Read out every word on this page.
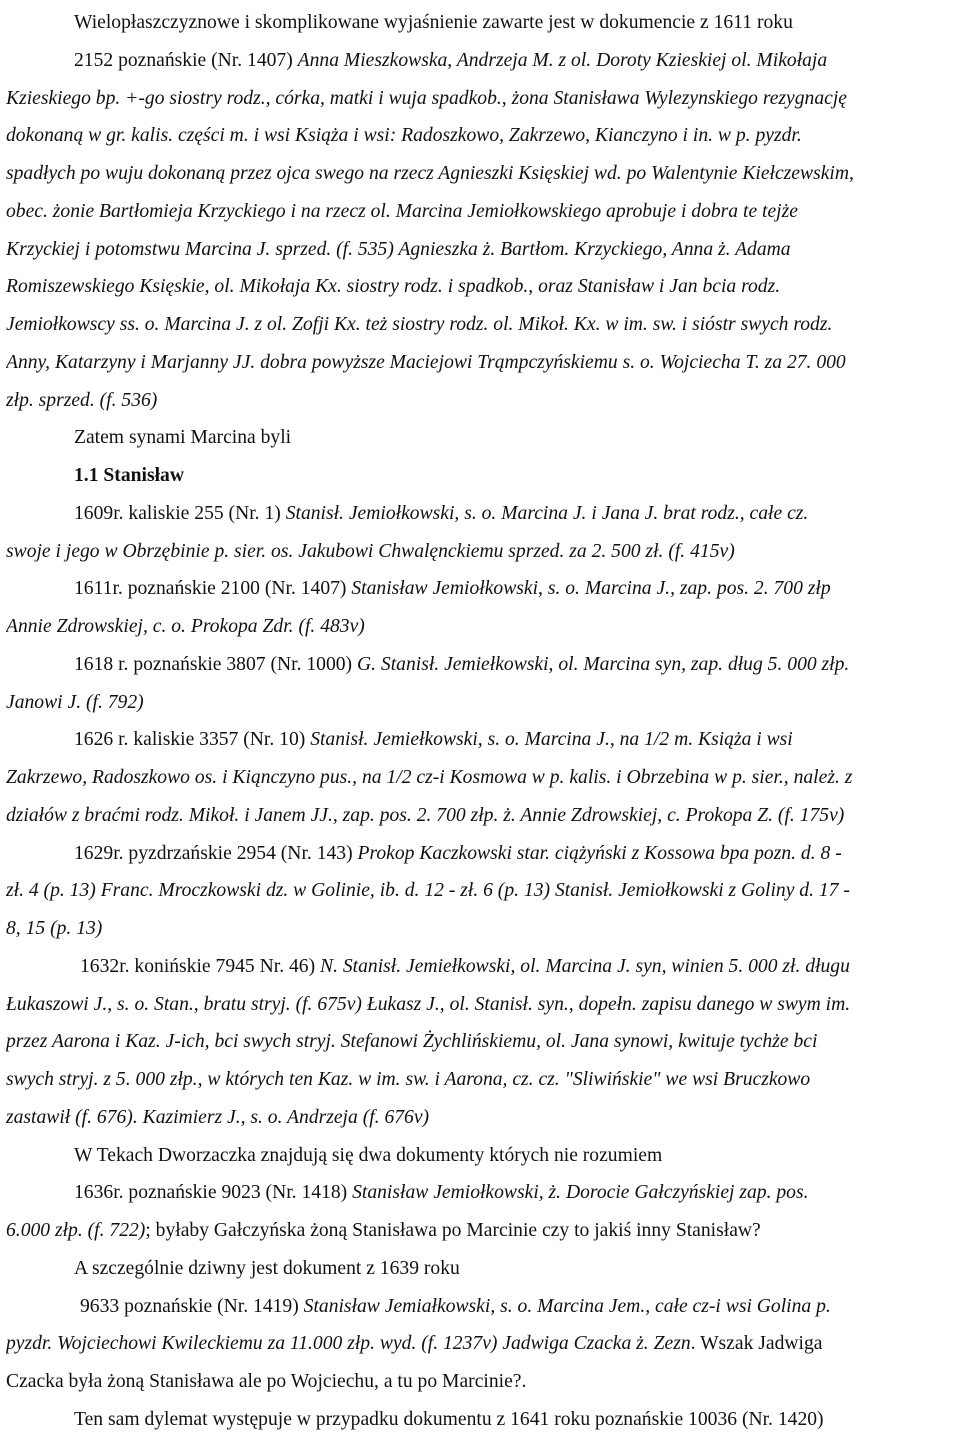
Wielopłaszczyznowe i skomplikowane wyjaśnienie zawarte jest w dokumencie z 1611 roku
2152 poznańskie (Nr. 1407) Anna Mieszkowska, Andrzeja M. z ol. Doroty Kzieskiej ol. Mikołaja
Kzieskiego bp. +-go siostry rodz., córka, matki i wuja spadkob., żona Stanisława Wylezynskiego rezygnację
dokonaną w gr. kalis. części m. i wsi Książa i wsi: Radoszkowo, Zakrzewo, Kianczyno i in. w p. pyzdr.
spadłych po wuju dokonaną przez ojca swego na rzecz Agnieszki Księskiej wd. po Walentynie Kiełczewskim,
obec. żonie Bartłomieja Krzyckiego i na rzecz ol. Marcina Jemiołkowskiego aprobuje i dobra te tejże
Krzyckiej i potomstwu Marcina J. sprzed. (f. 535) Agnieszka ż. Bartłom. Krzyckiego, Anna ż. Adama
Romiszewskiego Księskie, ol. Mikołaja Kx. siostry rodz. i spadkob., oraz Stanisław i Jan bcia rodz.
Jemiołkowscy ss. o. Marcina J. z ol. Zofji Kx. też siostry rodz. ol. Mikoł. Kx. w im. sw. i sióstr swych rodz.
Anny, Katarzyny i Marjanny JJ. dobra powyższe Maciejowi Trąmpczyńskiemu s. o. Wojciecha T. za 27. 000
złp. sprzed. (f. 536)
Zatem synami Marcina byli
1.1 Stanisław
1609r. kaliskie 255 (Nr. 1) Stanisł. Jemiołkowski, s. o. Marcina J. i Jana J. brat rodz., całe cz.
swoje i jego w Obrzębinie p. sier. os. Jakubowi Chwalęnckiemu sprzed. za 2. 500 zł. (f. 415v)
1611r. poznańskie 2100 (Nr. 1407) Stanisław Jemiołkowski, s. o. Marcina J., zap. pos. 2. 700 złp
Annie Zdrowskiej, c. o. Prokopa Zdr. (f. 483v)
1618 r. poznańskie 3807 (Nr. 1000) G. Stanisł. Jemiełkowski, ol. Marcina syn, zap. dług 5. 000 złp.
Janowi J. (f. 792)
1626 r. kaliskie 3357 (Nr. 10) Stanisł. Jemiełkowski, s. o. Marcina J., na 1/2 m. Książa i wsi
Zakrzewo, Radoszkowo os. i Kiąnczyno pus., na 1/2 cz-i Kosmowa w p. kalis. i Obrzebina w p. sier., należ. z
działów z braćmi rodz. Mikoł. i Janem JJ., zap. pos. 2. 700 złp. ż. Annie Zdrowskiej, c. Prokopa Z. (f. 175v)
1629r. pyzdrzańskie 2954 (Nr. 143) Prokop Kaczkowski star. ciążyński z Kossowa bpa pozn. d. 8 -
zł. 4 (p. 13) Franc. Mroczkowski dz. w Golinie, ib. d. 12 - zł. 6 (p. 13) Stanisł. Jemiołkowski z Goliny d. 17 -
8, 15 (p. 13)
1632r. konińskie 7945 Nr. 46) N. Stanisł. Jemiełkowski, ol. Marcina J. syn, winien 5. 000 zł. długu
Łukaszowi J., s. o. Stan., bratu stryj. (f. 675v) Łukasz J., ol. Stanisł. syn., dopełn. zapisu danego w swym im.
przez Aarona i Kaz. J-ich, bci swych stryj. Stefanowi Żychlińskiemu, ol. Jana synowi, kwituje tychże bci
swych stryj. z 5. 000 złp., w których ten Kaz. w im. sw. i Aarona, cz. cz. "Sliwińskie" we wsi Bruczkowo
zastawił (f. 676). Kazimierz J., s. o. Andrzeja (f. 676v)
W Tekach Dworzaczka znajdują się dwa dokumenty których nie rozumiem
1636r. poznańskie 9023 (Nr. 1418) Stanisław Jemiołkowski, ż. Dorocie Gałczyńskiej zap. pos.
6.000 złp. (f. 722); byłaby Gałczyńska żoną Stanisława po Marcinie czy to jakiś inny Stanisław?
A szczególnie dziwny jest dokument z 1639 roku
9633 poznańskie (Nr. 1419) Stanisław Jemiałkowski, s. o. Marcina Jem., całe cz-i wsi Golina p.
pyzdr. Wojciechowi Kwileckiemu za 11.000 złp. wyd. (f. 1237v) Jadwiga Czacka ż. Zezn. Wszak Jadwiga
Czacka była żoną Stanisława ale po Wojciechu, a tu po Marcinie?.
Ten sam dylemat występuje w przypadku dokumentu z 1641 roku poznańskie 10036 (Nr. 1420)
